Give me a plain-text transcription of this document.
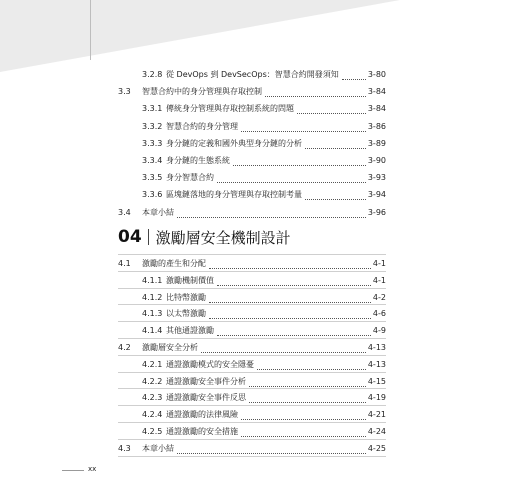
3.2.8 從 DevOps 到 DevSecOps：智慧合約開發須知	3-80
3.3	智慧合約中的身分管理與存取控制	3-84
3.3.1 傳統身分管理與存取控制系統的問題	3-84
3.3.2 智慧合約的身分管理	3-86
3.3.3 身分鏈的定義和國外典型身分鏈的分析	3-89
3.3.4 身分鏈的生態系統	3-90
3.3.5 身分智慧合約	3-93
3.3.6 區塊鏈落地的身分管理與存取控制考量	3-94
3.4	本章小結	3-96
04 激勵層安全機制設計
4.1	激勵的產生和分配	4-1
4.1.1 激勵機制價值	4-1
4.1.2 比特幣激勵	4-2
4.1.3 以太幣激勵	4-6
4.1.4 其他通證激勵	4-9
4.2	激勵層安全分析	4-13
4.2.1 通證激勵模式的安全隱憂	4-13
4.2.2 通證激勵安全事件分析	4-15
4.2.3 通證激勵安全事件反思	4-19
4.2.4 通證激勵的法律風險	4-21
4.2.5 通證激勵的安全措施	4-24
4.3	本章小結	4-25
xx
